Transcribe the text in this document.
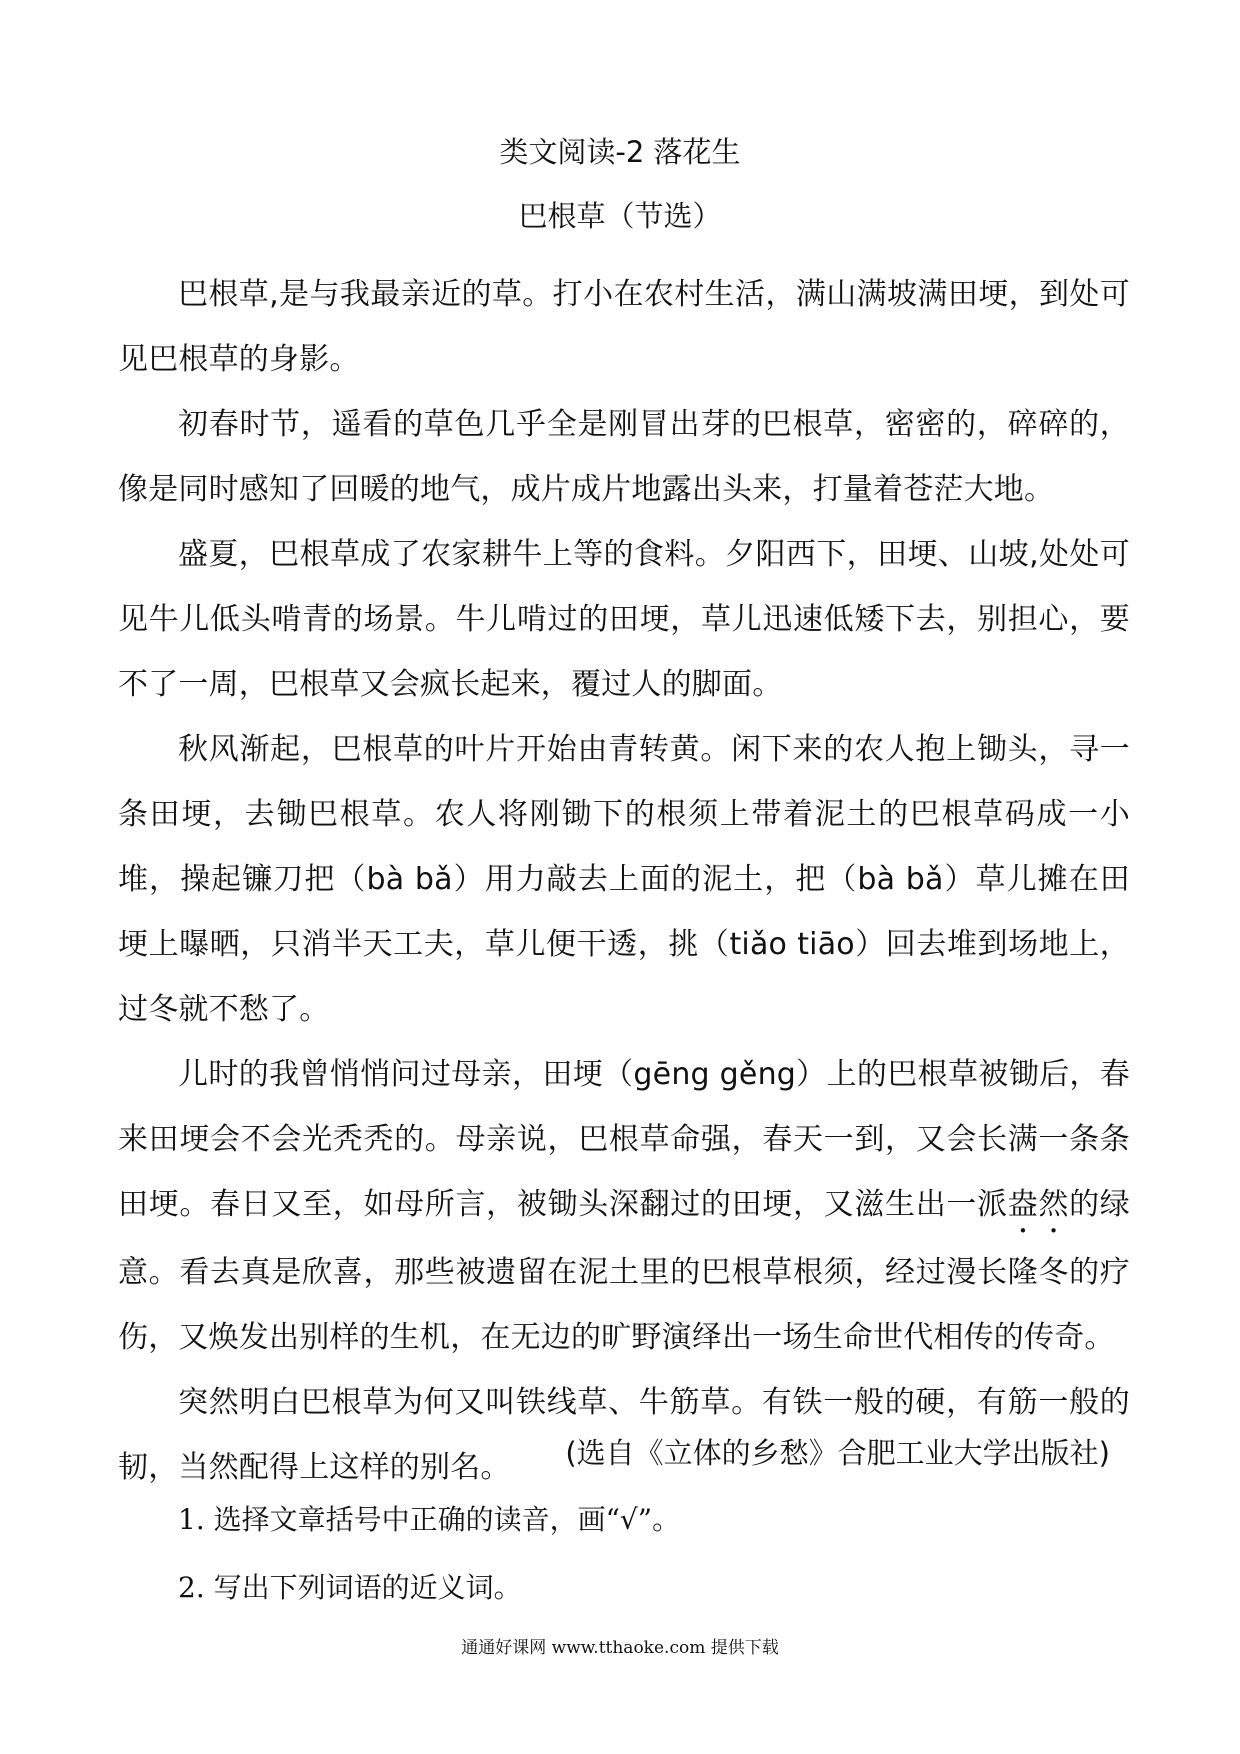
类文阅读-2 落花生
巴根草（节选）

巴根草,是与我最亲近的草。打小在农村生活，满山满坡满田埂，到处可见巴根草的身影。

初春时节，遥看的草色几乎全是刚冒出芽的巴根草，密密的，碎碎的，像是同时感知了回暖的地气，成片成片地露出头来，打量着苍茫大地。

盛夏，巴根草成了农家耕牛上等的食料。夕阳西下，田埂、山坡,处处可见牛儿低头啃青的场景。牛儿啃过的田埂，草儿迅速低矮下去，别担心，要不了一周，巴根草又会疯长起来，覆过人的脚面。

秋风渐起，巴根草的叶片开始由青转黄。闲下来的农人抱上锄头，寻一条田埂，去锄巴根草。农人将刚锄下的根须上带着泥土的巴根草码成一小堆，操起镰刀把（bà bǎ）用力敲去上面的泥土，把（bà bǎ）草儿摊在田埂上曝晒，只消半天工夫，草儿便干透，挑（tiǎo tiāo）回去堆到场地上，过冬就不愁了。

儿时的我曾悄悄问过母亲，田埂（gēng gěng）上的巴根草被锄后，春来田埂会不会光秃秃的。母亲说，巴根草命强，春天一到，又会长满一条条田埂。春日又至，如母所言，被锄头深翻过的田埂，又滋生出一派盎然的绿意。看去真是欣喜，那些被遗留在泥土里的巴根草根须，经过漫长隆冬的疗伤，又焕发出别样的生机，在无边的旷野演绎出一场生命世代相传的传奇。

突然明白巴根草为何又叫铁线草、牛筋草。有铁一般的硬，有筋一般的韧，当然配得上这样的别名。	(选自《立体的乡愁》合肥工业大学出版社)
1. 选择文章括号中正确的读音，画“√”。
2. 写出下列词语的近义词。
通通好课网 www.tthaoke.com 提供下载
